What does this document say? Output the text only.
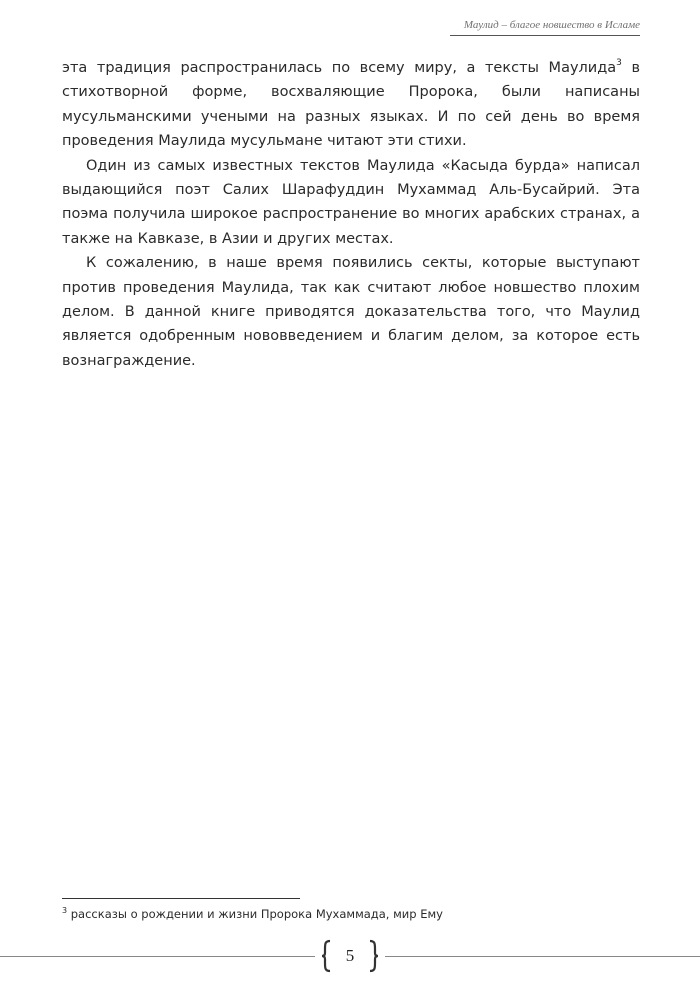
Маулид – благое новшество в Исламе

эта традиция распространилась по всему миру, а тексты Маулида$^3$ в стихотворной форме, восхваляющие Пророка, были написаны мусульманскими учеными на разных языках. И по сей день во время проведения Маулида мусульмане читают эти стихи.

Один из самых известных текстов Маулида «Касыда бурда» написал выдающийся поэт Салих Шарафуддин Мухаммад Аль-Бусайрий. Эта поэма получила широкое распространение во многих арабских странах, а также на Кавказе, в Азии и других местах.

К сожалению, в наше время появились секты, которые выступают против проведения Маулида, так как считают любое новшество плохим делом. В данной книге приводятся доказательства того, что Маулид является одобренным нововведением и благим делом, за которое есть вознаграждение.

$^3$ рассказы о рождении и жизни Пророка Мухаммада, мир Ему
5
